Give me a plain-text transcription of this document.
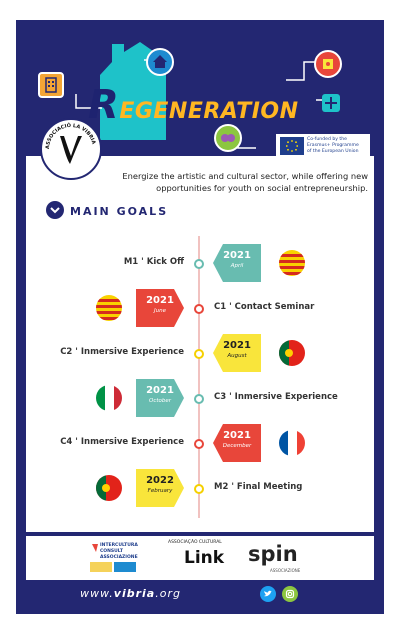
REGENERATION
Co-funded by the
Erasmus+ Programme
of the European Union
ASSOCIACIÓ LA VIBRIA
Energize the artistic and cultural sector, while offering new opportunities for youth on social entrepreneurship.
MAIN GOALS
M1 ' Kick Off
2021
April
C1 ' Contact Seminar
2021
June
C2 ' Inmersive Experience
2021
August
C3 ' Inmersive Experience
2021
October
C4 ' Inmersive Experience
2021
December
M2 ' Final Meeting
2022
February
INTERCULTURA
CONSULT ASSOCIAZIONE
ASSOCIAÇÃO CULTURAL
Link spin
ASSOCIAZIONE
www.vibria.org
